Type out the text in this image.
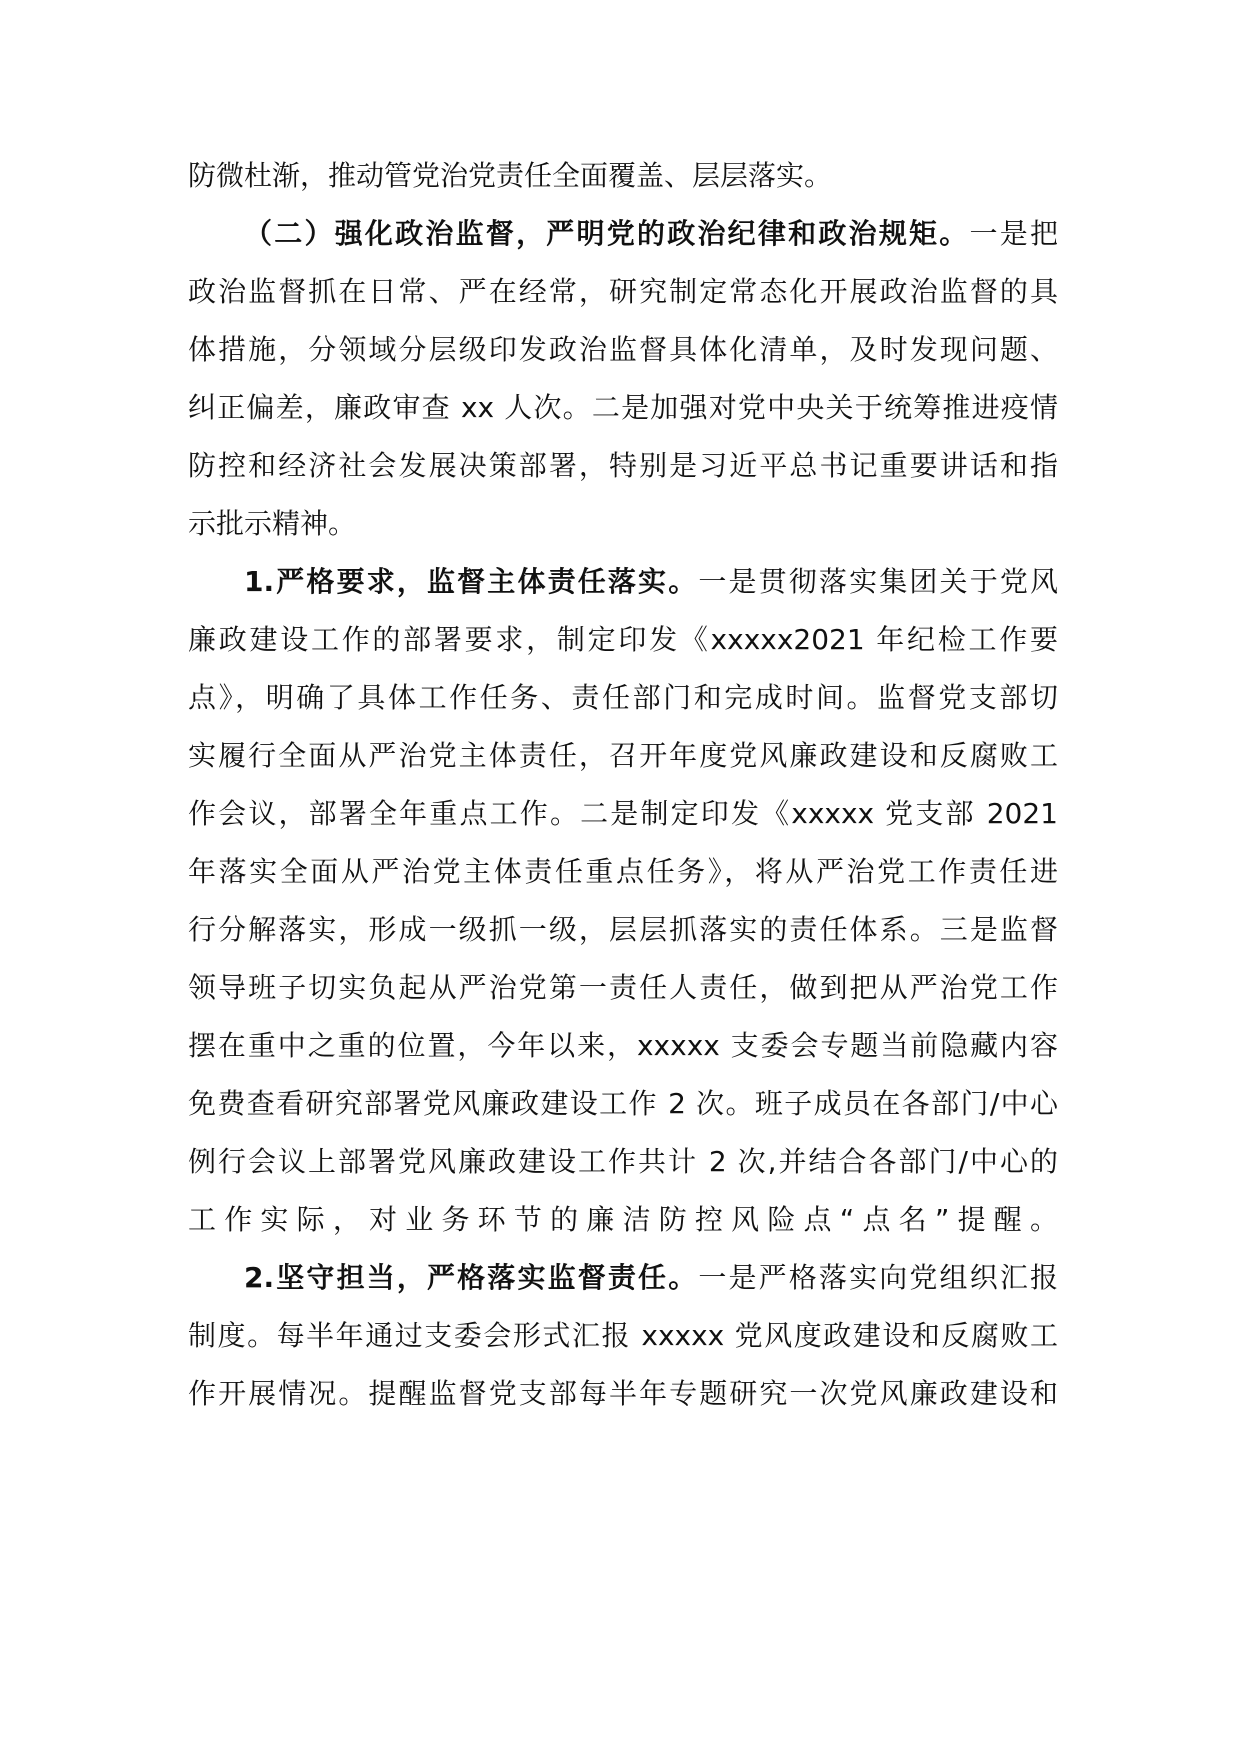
防微杜渐，推动管党治党责任全面覆盖、层层落实。
（二）强化政治监督，严明党的政治纪律和政治规矩。一是把
政治监督抓在日常、严在经常，研究制定常态化开展政治监督的具
体措施，分领域分层级印发政治监督具体化清单，及时发现问题、
纠正偏差，廉政审查 xx 人次。二是加强对党中央关于统筹推进疫情
防控和经济社会发展决策部署，特别是习近平总书记重要讲话和指
示批示精神。
1.严格要求，监督主体责任落实。一是贯彻落实集团关于党风
廉政建设工作的部署要求，制定印发《xxxxx2021 年纪检工作要
点》，明确了具体工作任务、责任部门和完成时间。监督党支部切
实履行全面从严治党主体责任，召开年度党风廉政建设和反腐败工
作会议，部署全年重点工作。二是制定印发《xxxxx 党支部 2021
年落实全面从严治党主体责任重点任务》，将从严治党工作责任进
行分解落实，形成一级抓一级，层层抓落实的责任体系。三是监督
领导班子切实负起从严治党第一责任人责任，做到把从严治党工作
摆在重中之重的位置，今年以来，xxxxx 支委会专题当前隐藏内容
免费查看研究部署党风廉政建设工作 2 次。班子成员在各部门/中心
例行会议上部署党风廉政建设工作共计 2 次,并结合各部门/中心的
工作实际，对业务环节的廉洁防控风险点“点名”提醒。
2.坚守担当，严格落实监督责任。一是严格落实向党组织汇报
制度。每半年通过支委会形式汇报 xxxxx 党风度政建设和反腐败工
作开展情况。提醒监督党支部每半年专题研究一次党风廉政建设和
